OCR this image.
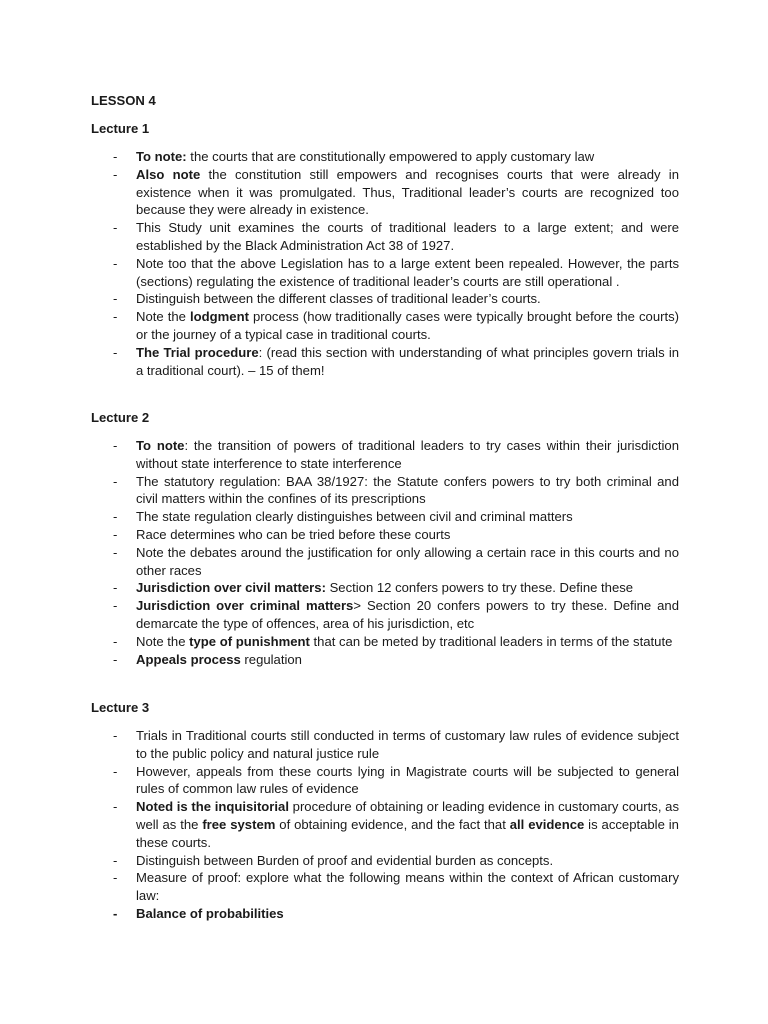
LESSON 4
Lecture 1
- To note: the courts that are constitutionally empowered to apply customary law
- Also note the constitution still empowers and recognises courts that were already in existence when it was promulgated. Thus, Traditional leader’s courts are recognized too because they were already in existence.
- This Study unit examines the courts of traditional leaders to a large extent; and were established by the Black Administration Act 38 of 1927.
- Note too that the above Legislation has to a large extent been repealed. However, the parts (sections) regulating the existence of traditional leader’s courts are still operational .
- Distinguish between the different classes of traditional leader’s courts.
- Note the lodgment process (how traditionally cases were typically brought before the courts) or the journey of a typical case in traditional courts.
- The Trial procedure: (read this section with understanding of what principles govern trials in a traditional court). – 15 of them!
Lecture 2
- To note: the transition of powers of traditional leaders to try cases within their jurisdiction without state interference to state interference
- The statutory regulation: BAA 38/1927: the Statute confers powers to try both criminal and civil matters within the confines of its prescriptions
- The state regulation clearly distinguishes between civil and criminal matters
- Race determines who can be tried before these courts
- Note the debates around the justification for only allowing a certain race in this courts and no other races
- Jurisdiction over civil matters: Section 12 confers powers to try these. Define these
- Jurisdiction over criminal matters> Section 20 confers powers to try these. Define and demarcate the type of offences, area of his jurisdiction, etc
- Note the type of punishment that can be meted by traditional leaders in terms of the statute
- Appeals process regulation
Lecture 3
- Trials in Traditional courts still conducted in terms of customary law rules of evidence subject to the public policy and natural justice rule
- However, appeals from these courts lying in Magistrate courts will be subjected to general rules of common law rules of evidence
- Noted is the inquisitorial procedure of obtaining or leading evidence in customary courts, as well as the free system of obtaining evidence, and the fact that all evidence is acceptable in these courts.
- Distinguish between Burden of proof and evidential burden as concepts.
- Measure of proof: explore what the following means within the context of African customary law:
- Balance of probabilities
